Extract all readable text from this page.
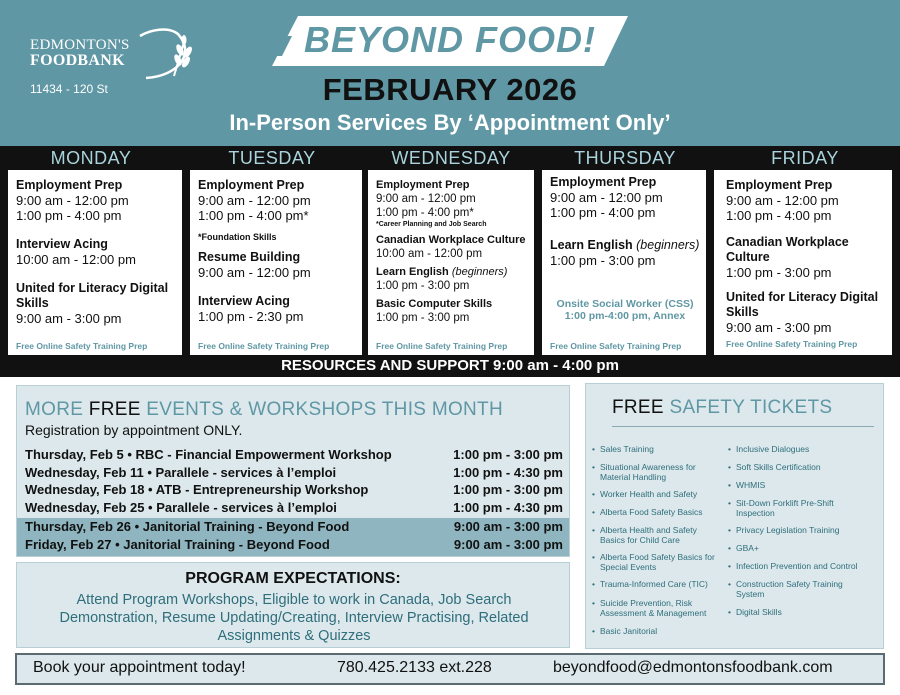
EDMONTON'S
FOODBANK
11434 - 120 St
BEYOND FOOD!
FEBRUARY 2026
In-Person Services By ‘Appointment Only’
MONDAY	TUESDAY	WEDNESDAY	THURSDAY	FRIDAY
Employment Prep
9:00 am - 12:00 pm
1:00 pm - 4:00 pm
Interview Acing
10:00 am - 12:00 pm
United for Literacy Digital Skills
9:00 am - 3:00 pm
Free Online Safety Training Prep
Employment Prep
9:00 am - 12:00 pm
1:00 pm - 4:00 pm*
*Foundation Skills
Resume Building
9:00 am - 12:00 pm
Interview Acing
1:00 pm - 2:30 pm
Free Online Safety Training Prep
Employment Prep
9:00 am - 12:00 pm
1:00 pm - 4:00 pm*
*Career Planning and Job Search
Canadian Workplace Culture
10:00 am - 12:00 pm
Learn English (beginners)
1:00 pm - 3:00 pm
Basic Computer Skills
1:00 pm - 3:00 pm
Free Online Safety Training Prep
Employment Prep
9:00 am - 12:00 pm
1:00 pm - 4:00 pm
Learn English (beginners)
1:00 pm - 3:00 pm
Onsite Social Worker (CSS)
1:00 pm-4:00 pm, Annex
Free Online Safety Training Prep
Employment Prep
9:00 am - 12:00 pm
1:00 pm - 4:00 pm
Canadian Workplace Culture
1:00 pm - 3:00 pm
United for Literacy Digital Skills
9:00 am - 3:00 pm
Free Online Safety Training Prep
RESOURCES AND SUPPORT 9:00 am - 4:00 pm
MORE FREE EVENTS & WORKSHOPS THIS MONTH
Registration by appointment ONLY.
Thursday, Feb 5 • RBC - Financial Empowerment Workshop	1:00 pm - 3:00 pm
Wednesday, Feb 11 • Parallele - services à l’emploi	1:00 pm - 4:30 pm
Wednesday, Feb 18 • ATB - Entrepreneurship Workshop	1:00 pm - 3:00 pm
Wednesday, Feb 25 • Parallele - services à l’emploi	1:00 pm - 4:30 pm
Thursday, Feb 26 • Janitorial Training - Beyond Food	9:00 am - 3:00 pm
Friday, Feb 27 • Janitorial Training - Beyond Food	9:00 am - 3:00 pm
PROGRAM EXPECTATIONS:
Attend Program Workshops, Eligible to work in Canada, Job Search Demonstration, Resume Updating/Creating, Interview Practising, Related Assignments & Quizzes
FREE SAFETY TICKETS
• Sales Training
• Situational Awareness for Material Handling
• Worker Health and Safety
• Alberta Food Safety Basics
• Alberta Health and Safety Basics for Child Care
• Alberta Food Safety Basics for Special Events
• Trauma-Informed Care (TIC)
• Suicide Prevention, Risk Assessment & Management
• Basic Janitorial
• Inclusive Dialogues
• Soft Skills Certification
• WHMIS
• Sit-Down Forklift Pre-Shift Inspection
• Privacy Legislation Training
• GBA+
• Infection Prevention and Control
• Construction Safety Training System
• Digital Skills
Book your appointment today!	780.425.2133 ext.228	beyondfood@edmontonsfoodbank.com
